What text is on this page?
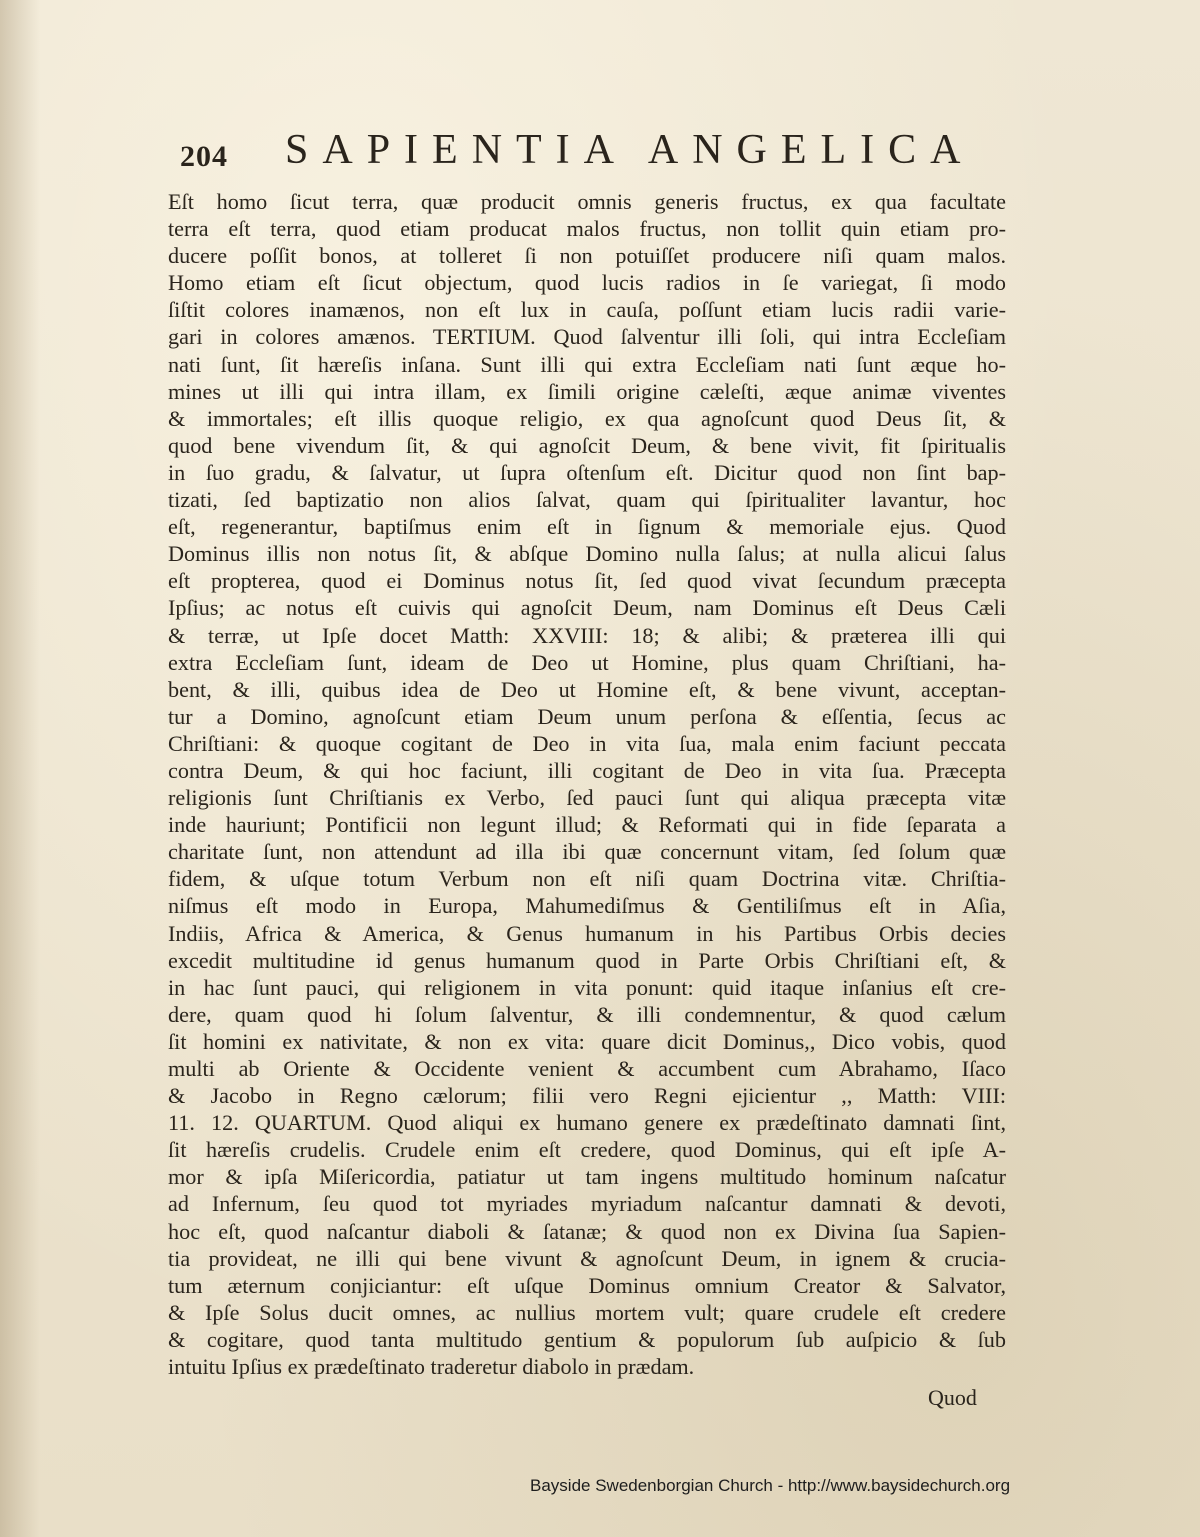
204 SAPIENTIA ANGELICA
Eſt homo ſicut terra, quæ producit omnis generis fructus, ex qua facultate
terra eſt terra, quod etiam producat malos fructus, non tollit quin etiam pro-
ducere poſſit bonos, at tolleret ſi non potuiſſet producere niſi quam malos.
Homo etiam eſt ſicut objectum, quod lucis radios in ſe variegat, ſi modo
ſiſtit colores inamænos, non eſt lux in cauſa, poſſunt etiam lucis radii varie-
gari in colores amænos. TERTIUM. Quod ſalventur illi ſoli, qui intra Eccleſiam
nati ſunt, ſit hæreſis inſana. Sunt illi qui extra Eccleſiam nati ſunt æque ho-
mines ut illi qui intra illam, ex ſimili origine cæleſti, æque animæ viventes
& immortales; eſt illis quoque religio, ex qua agnoſcunt quod Deus ſit, &
quod bene vivendum ſit, & qui agnoſcit Deum, & bene vivit, fit ſpiritualis
in ſuo gradu, & ſalvatur, ut ſupra oſtenſum eſt. Dicitur quod non ſint bap-
tizati, ſed baptizatio non alios ſalvat, quam qui ſpiritualiter lavantur, hoc
eſt, regenerantur, baptiſmus enim eſt in ſignum & memoriale ejus. Quod
Dominus illis non notus ſit, & abſque Domino nulla ſalus; at nulla alicui ſalus
eſt propterea, quod ei Dominus notus ſit, ſed quod vivat ſecundum præcepta
Ipſius; ac notus eſt cuivis qui agnoſcit Deum, nam Dominus eſt Deus Cæli
& terræ, ut Ipſe docet Matth: XXVIII: 18; & alibi; & præterea illi qui
extra Eccleſiam ſunt, ideam de Deo ut Homine, plus quam Chriſtiani, ha-
bent, & illi, quibus idea de Deo ut Homine eſt, & bene vivunt, acceptan-
tur a Domino, agnoſcunt etiam Deum unum perſona & eſſentia, ſecus ac
Chriſtiani: & quoque cogitant de Deo in vita ſua, mala enim faciunt peccata
contra Deum, & qui hoc faciunt, illi cogitant de Deo in vita ſua. Præcepta
religionis ſunt Chriſtianis ex Verbo, ſed pauci ſunt qui aliqua præcepta vitæ
inde hauriunt; Pontificii non legunt illud; & Reformati qui in fide ſeparata a
charitate ſunt, non attendunt ad illa ibi quæ concernunt vitam, ſed ſolum quæ
fidem, & uſque totum Verbum non eſt niſi quam Doctrina vitæ. Chriſtia-
niſmus eſt modo in Europa, Mahumediſmus & Gentiliſmus eſt in Aſia,
Indiis, Africa & America, & Genus humanum in his Partibus Orbis decies
excedit multitudine id genus humanum quod in Parte Orbis Chriſtiani eſt, &
in hac ſunt pauci, qui religionem in vita ponunt: quid itaque inſanius eſt cre-
dere, quam quod hi ſolum ſalventur, & illi condemnentur, & quod cælum
ſit homini ex nativitate, & non ex vita: quare dicit Dominus,, Dico vobis, quod
multi ab Oriente & Occidente venient & accumbent cum Abrahamo, Iſaco
& Jacobo in Regno cælorum; filii vero Regni ejicientur ,, Matth: VIII:
11. 12. QUARTUM. Quod aliqui ex humano genere ex prædeſtinato damnati ſint,
ſit hæreſis crudelis. Crudele enim eſt credere, quod Dominus, qui eſt ipſe A-
mor & ipſa Miſericordia, patiatur ut tam ingens multitudo hominum naſcatur
ad Infernum, ſeu quod tot myriades myriadum naſcantur damnati & devoti,
hoc eſt, quod naſcantur diaboli & ſatanæ; & quod non ex Divina ſua Sapien-
tia provideat, ne illi qui bene vivunt & agnoſcunt Deum, in ignem & crucia-
tum æternum conjiciantur: eſt uſque Dominus omnium Creator & Salvator,
& Ipſe Solus ducit omnes, ac nullius mortem vult; quare crudele eſt credere
& cogitare, quod tanta multitudo gentium & populorum ſub auſpicio & ſub
intuitu Ipſius ex prædeſtinato traderetur diabolo in prædam.
Quod
Bayside Swedenborgian Church - http://www.baysidechurch.org
